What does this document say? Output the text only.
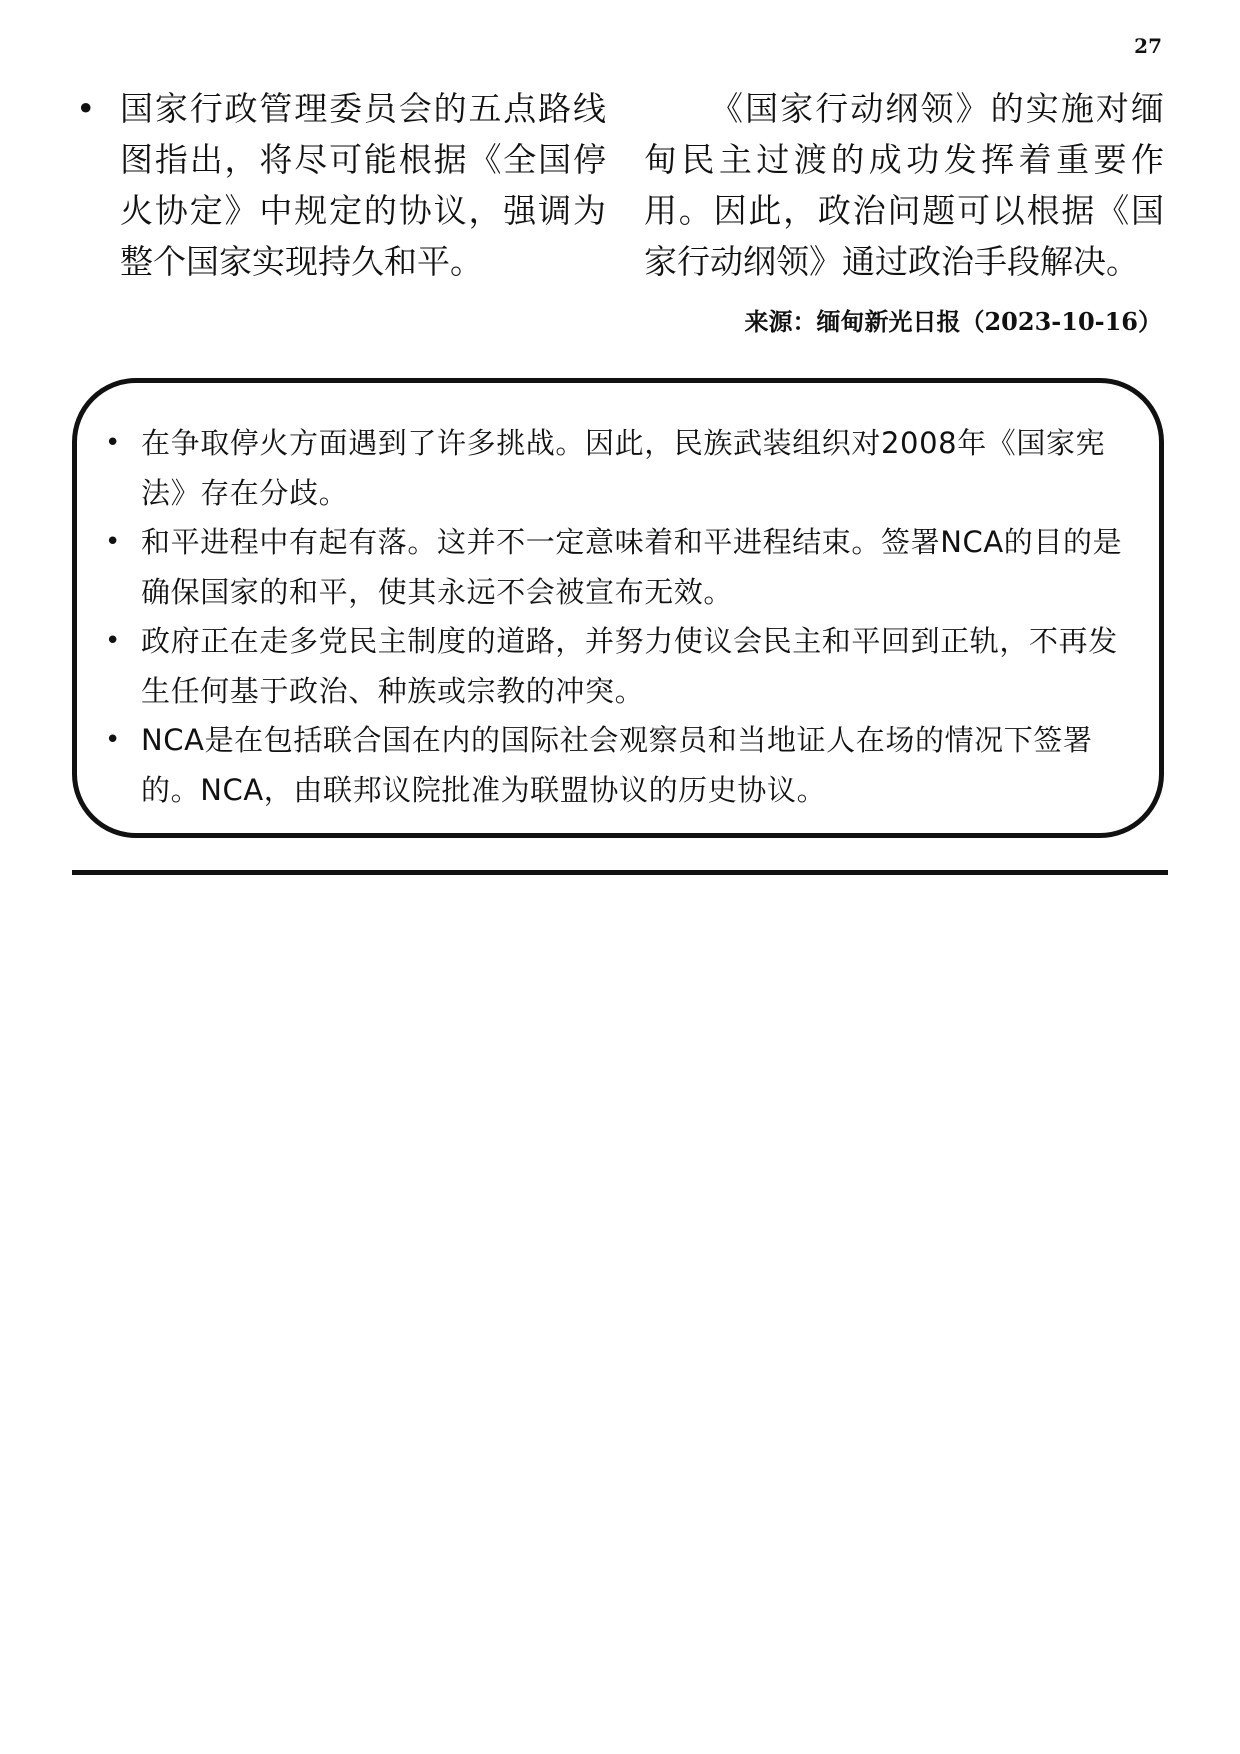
27
• 国家行政管理委员会的五点路线图指出，将尽可能根据《全国停火协定》中规定的协议，强调为整个国家实现持久和平。
《国家行动纲领》的实施对缅甸民主过渡的成功发挥着重要作用。因此，政治问题可以根据《国家行动纲领》通过政治手段解决。
来源：缅甸新光日报（2023-10-16）
• 在争取停火方面遇到了许多挑战。因此，民族武装组织对2008年《国家宪法》存在分歧。
• 和平进程中有起有落。这并不一定意味着和平进程结束。签署NCA的目的是确保国家的和平，使其永远不会被宣布无效。
• 政府正在走多党民主制度的道路，并努力使议会民主和平回到正轨，不再发生任何基于政治、种族或宗教的冲突。
• NCA是在包括联合国在内的国际社会观察员和当地证人在场的情况下签署的。NCA，由联邦议院批准为联盟协议的历史协议。
